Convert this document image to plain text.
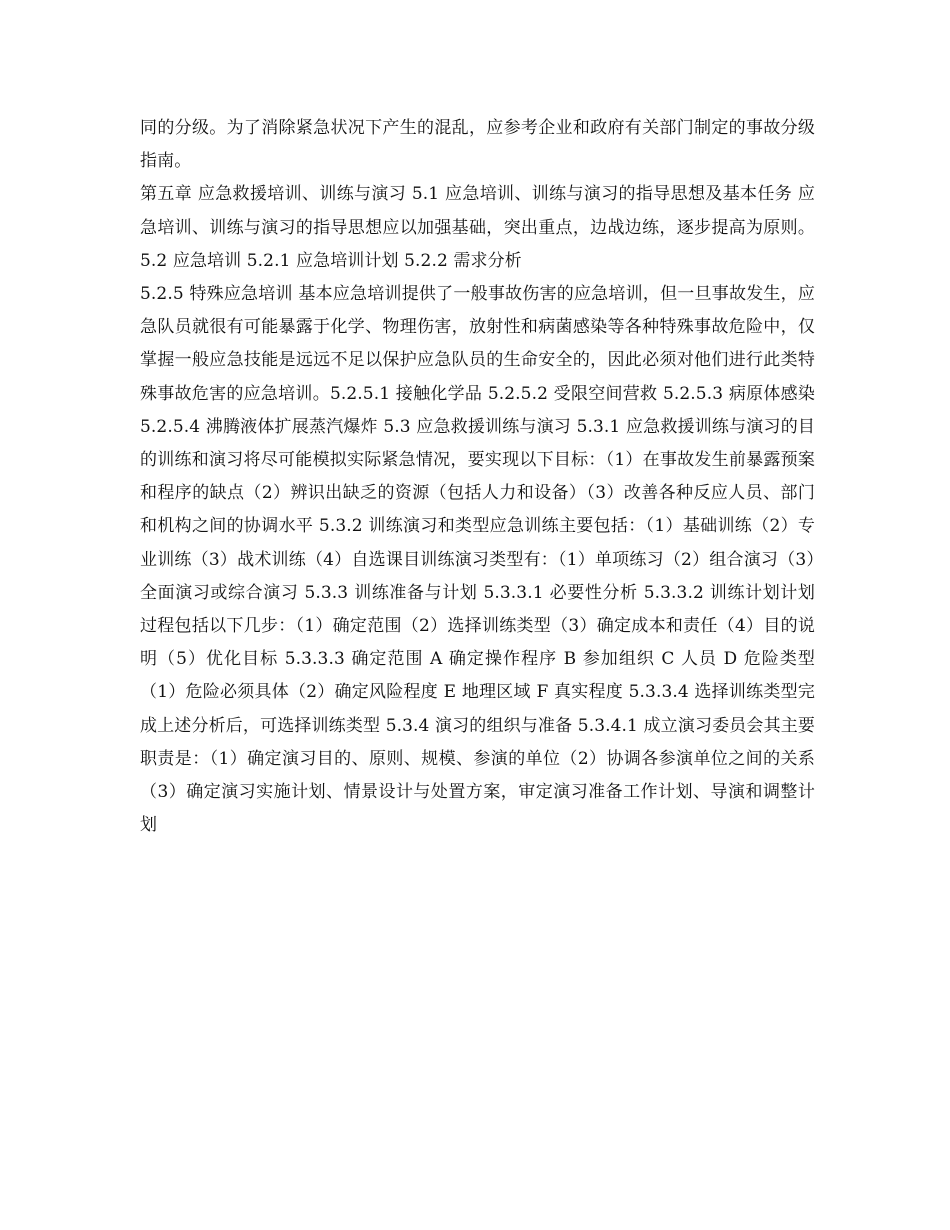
同的分级。为了消除紧急状况下产生的混乱，应参考企业和政府有关部门制定的事故分级指南。

第五章 应急救援培训、训练与演习 5.1 应急培训、训练与演习的指导思想及基本任务 应急培训、训练与演习的指导思想应以加强基础，突出重点，边战边练，逐步提高为原则。5.2 应急培训 5.2.1 应急培训计划 5.2.2 需求分析

5.2.5 特殊应急培训 基本应急培训提供了一般事故伤害的应急培训，但一旦事故发生，应急队员就很有可能暴露于化学、物理伤害，放射性和病菌感染等各种特殊事故危险中，仅掌握一般应急技能是远远不足以保护应急队员的生命安全的，因此必须对他们进行此类特殊事故危害的应急培训。5.2.5.1 接触化学品 5.2.5.2 受限空间营救 5.2.5.3 病原体感染 5.2.5.4 沸腾液体扩展蒸汽爆炸 5.3 应急救援训练与演习 5.3.1 应急救援训练与演习的目的训练和演习将尽可能模拟实际紧急情况，要实现以下目标：（1）在事故发生前暴露预案和程序的缺点（2）辨识出缺乏的资源（包括人力和设备）（3）改善各种反应人员、部门和机构之间的协调水平 5.3.2 训练演习和类型应急训练主要包括：（1）基础训练（2）专业训练（3）战术训练（4）自选课目训练演习类型有：（1）单项练习（2）组合演习（3）全面演习或综合演习 5.3.3 训练准备与计划 5.3.3.1 必要性分析 5.3.3.2 训练计划计划过程包括以下几步：（1）确定范围（2）选择训练类型（3）确定成本和责任（4）目的说明（5）优化目标 5.3.3.3 确定范围 A 确定操作程序 B 参加组织 C 人员 D 危险类型（1）危险必须具体（2）确定风险程度 E 地理区域 F 真实程度 5.3.3.4 选择训练类型完成上述分析后，可选择训练类型 5.3.4 演习的组织与准备 5.3.4.1 成立演习委员会其主要职责是：（1）确定演习目的、原则、规模、参演的单位（2）协调各参演单位之间的关系（3）确定演习实施计划、情景设计与处置方案，审定演习准备工作计划、导演和调整计划
